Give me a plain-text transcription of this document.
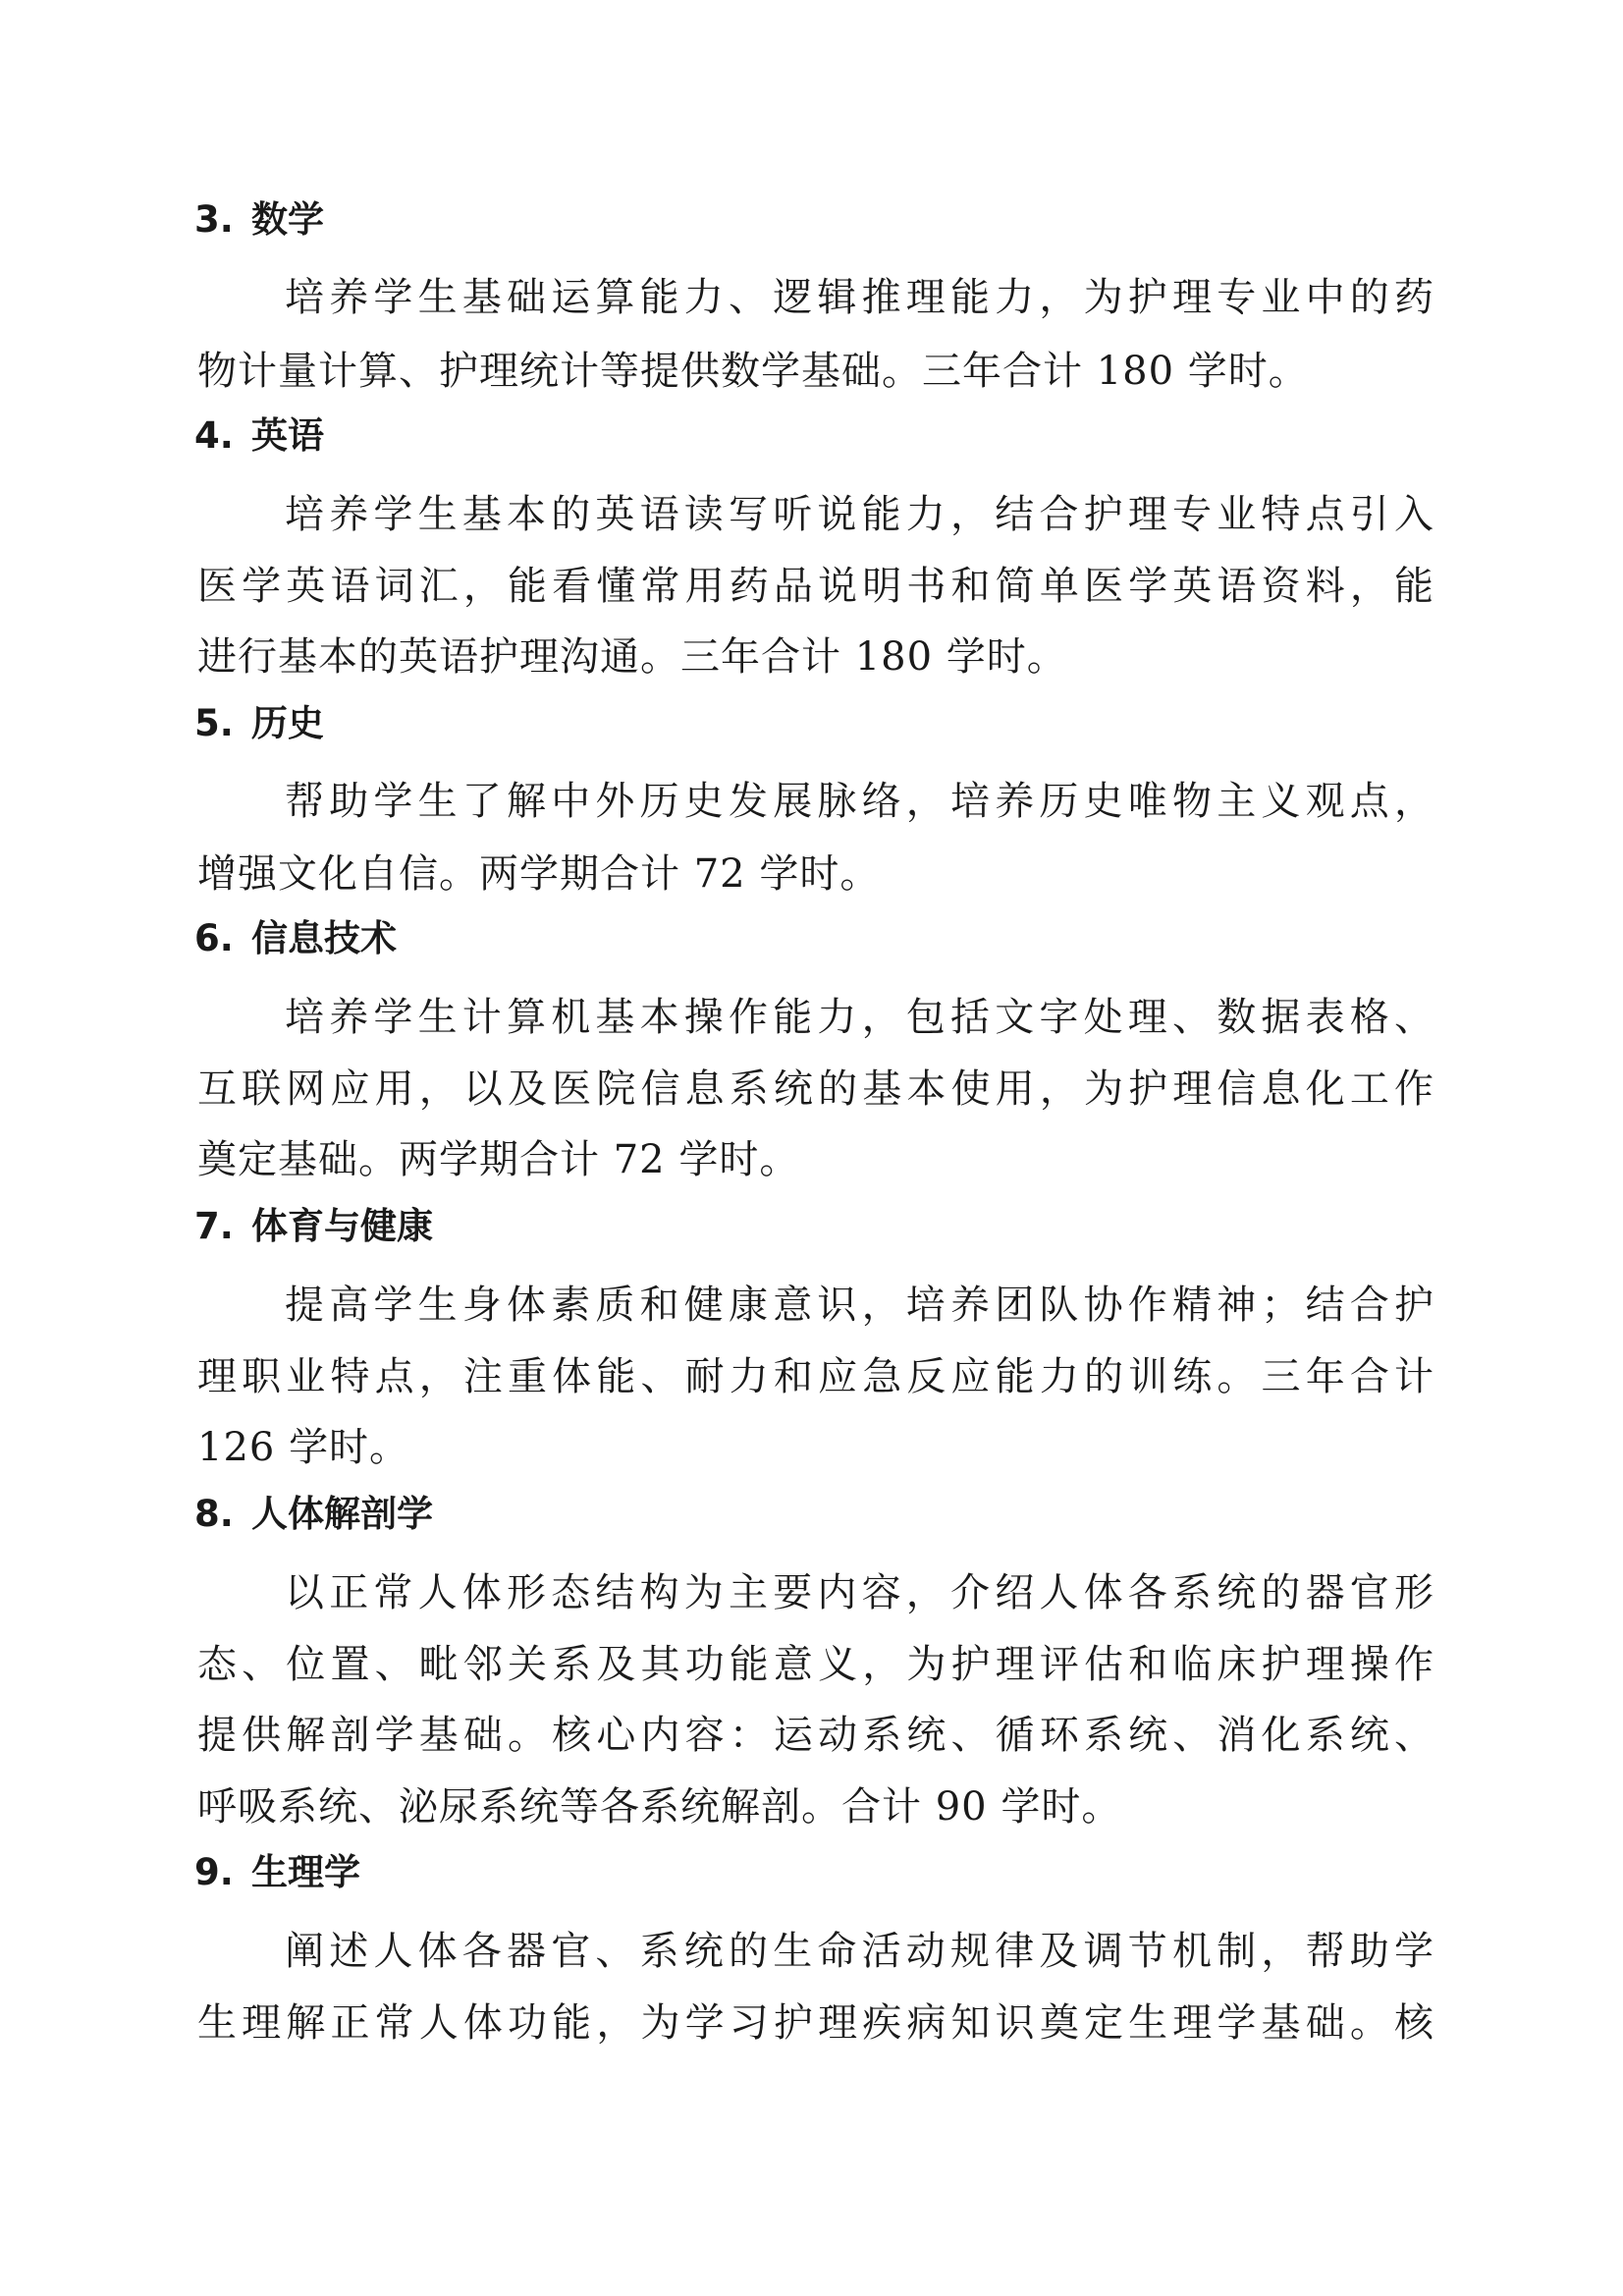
3. 数学
培养学生基础运算能力、逻辑推理能力，为护理专业中的药
物计量计算、护理统计等提供数学基础。三年合计 180 学时。
4. 英语
培养学生基本的英语读写听说能力，结合护理专业特点引入
医学英语词汇，能看懂常用药品说明书和简单医学英语资料，能
进行基本的英语护理沟通。三年合计 180 学时。
5. 历史
帮助学生了解中外历史发展脉络，培养历史唯物主义观点，
增强文化自信。两学期合计 72 学时。
6. 信息技术
培养学生计算机基本操作能力，包括文字处理、数据表格、
互联网应用，以及医院信息系统的基本使用，为护理信息化工作
奠定基础。两学期合计 72 学时。
7. 体育与健康
提高学生身体素质和健康意识，培养团队协作精神；结合护
理职业特点，注重体能、耐力和应急反应能力的训练。三年合计
126 学时。
8. 人体解剖学
以正常人体形态结构为主要内容，介绍人体各系统的器官形
态、位置、毗邻关系及其功能意义，为护理评估和临床护理操作
提供解剖学基础。核心内容：运动系统、循环系统、消化系统、
呼吸系统、泌尿系统等各系统解剖。合计 90 学时。
9. 生理学
阐述人体各器官、系统的生命活动规律及调节机制，帮助学
生理解正常人体功能，为学习护理疾病知识奠定生理学基础。核
